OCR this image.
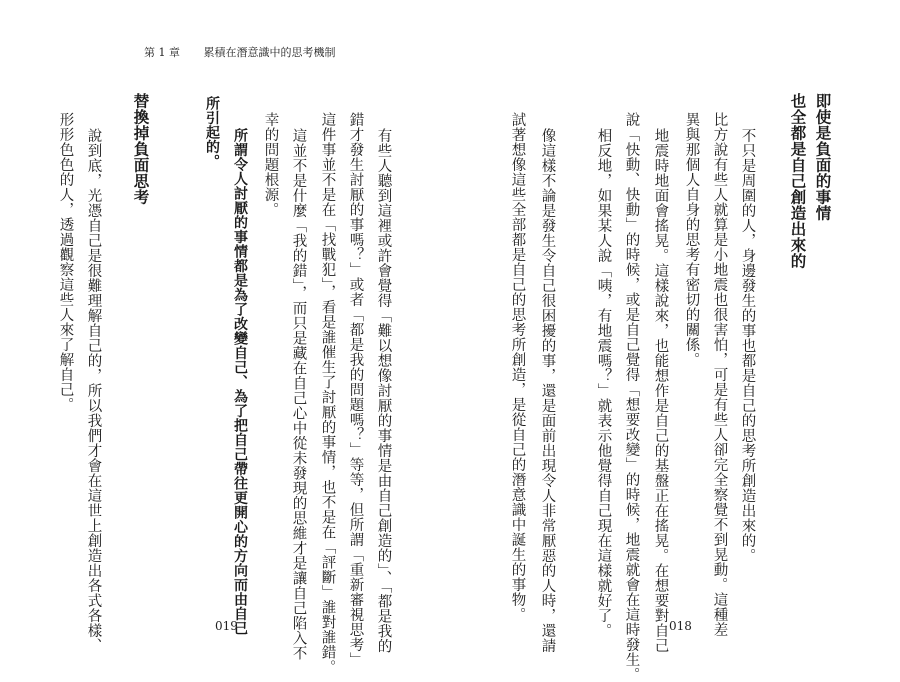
第 1 章 累積在潛意識中的思考機制
即使是負面的事情
也全都是自己創造出來的
不只是周圍的人，身邊發生的事也都是自己的思考所創造出來的。
比方說有些人就算是小地震也很害怕，可是有些人卻完全察覺不到晃動。這種差
異與那個人自身的思考有密切的關係。
地震時地面會搖晃。這樣說來，也能想作是自己的基盤正在搖晃。在想要對自己
說「快動、快動」的時候，或是自己覺得「想要改變」的時候，地震就會在這時發生。
相反地，如果某人說「咦，有地震嗎？」就表示他覺得自己現在這樣就好了。
像這樣不論是發生令自己很困擾的事，還是面前出現令人非常厭惡的人時，還請
試著想像這些全部都是自己的思考所創造，是從自己的潛意識中誕生的事物。
有些人聽到這裡或許會覺得「難以想像討厭的事情是由自己創造的」、「都是我的
錯才發生討厭的事嗎？」或者「都是我的問題嗎？」等等，但所謂「重新審視思考」
這件事並不是在「找戰犯」，看是誰催生了討厭的事情，也不是在「評斷」誰對誰錯。
這並不是什麼「我的錯」，而只是藏在自己心中從未發現的思維才是讓自己陷入不
幸的問題根源。
所謂令人討厭的事情都是為了改變自己、為了把自己帶往更開心的方向而由自己
所引起的。
替換掉負面思考
說到底，光憑自己是很難理解自己的，所以我們才會在這世上創造出各式各樣、
形形色色的人，透過觀察這些人來了解自己。
019	018
